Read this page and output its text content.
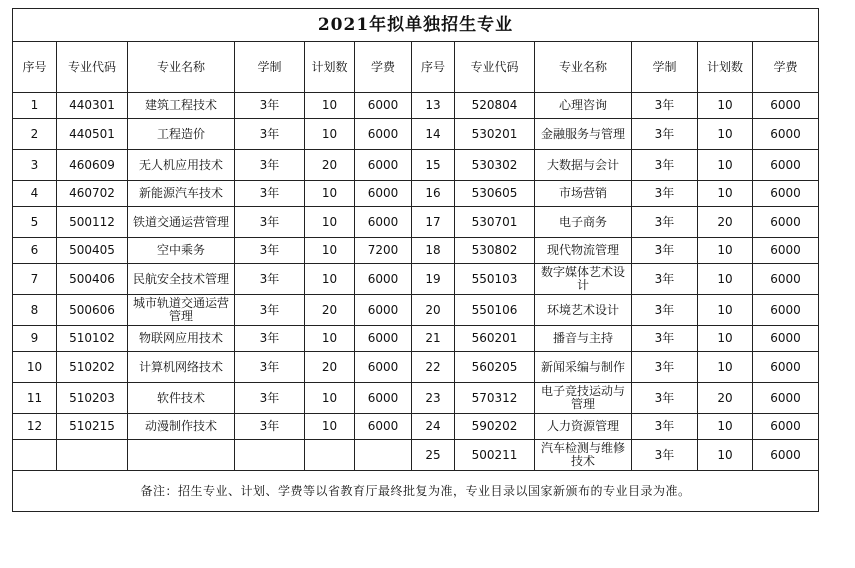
2021年拟单独招生专业											
序号	专业代码	专业名称	学制	计划数	学费	序号	专业代码	专业名称	学制	计划数	学费
1	440301	建筑工程技术	3年	10	6000	13	520804	心理咨询	3年	10	6000
2	440501	工程造价	3年	10	6000	14	530201	金融服务与管理	3年	10	6000
3	460609	无人机应用技术	3年	20	6000	15	530302	大数据与会计	3年	10	6000
4	460702	新能源汽车技术	3年	10	6000	16	530605	市场营销	3年	10	6000
5	500112	铁道交通运营管理	3年	10	6000	17	530701	电子商务	3年	20	6000
6	500405	空中乘务	3年	10	7200	18	530802	现代物流管理	3年	10	6000
7	500406	民航安全技术管理	3年	10	6000	19	550103	数字媒体艺术设计	3年	10	6000
8	500606	城市轨道交通运营管理	3年	20	6000	20	550106	环境艺术设计	3年	10	6000
9	510102	物联网应用技术	3年	10	6000	21	560201	播音与主持	3年	10	6000
10	510202	计算机网络技术	3年	20	6000	22	560205	新闻采编与制作	3年	10	6000
11	510203	软件技术	3年	10	6000	23	570312	电子竞技运动与管理	3年	20	6000
12	510215	动漫制作技术	3年	10	6000	24	590202	人力资源管理	3年	10	6000
						25	500211	汽车检测与维修技术	3年	10	6000
备注：招生专业、计划、学费等以省教育厅最终批复为准，专业目录以国家新颁布的专业目录为准。											
